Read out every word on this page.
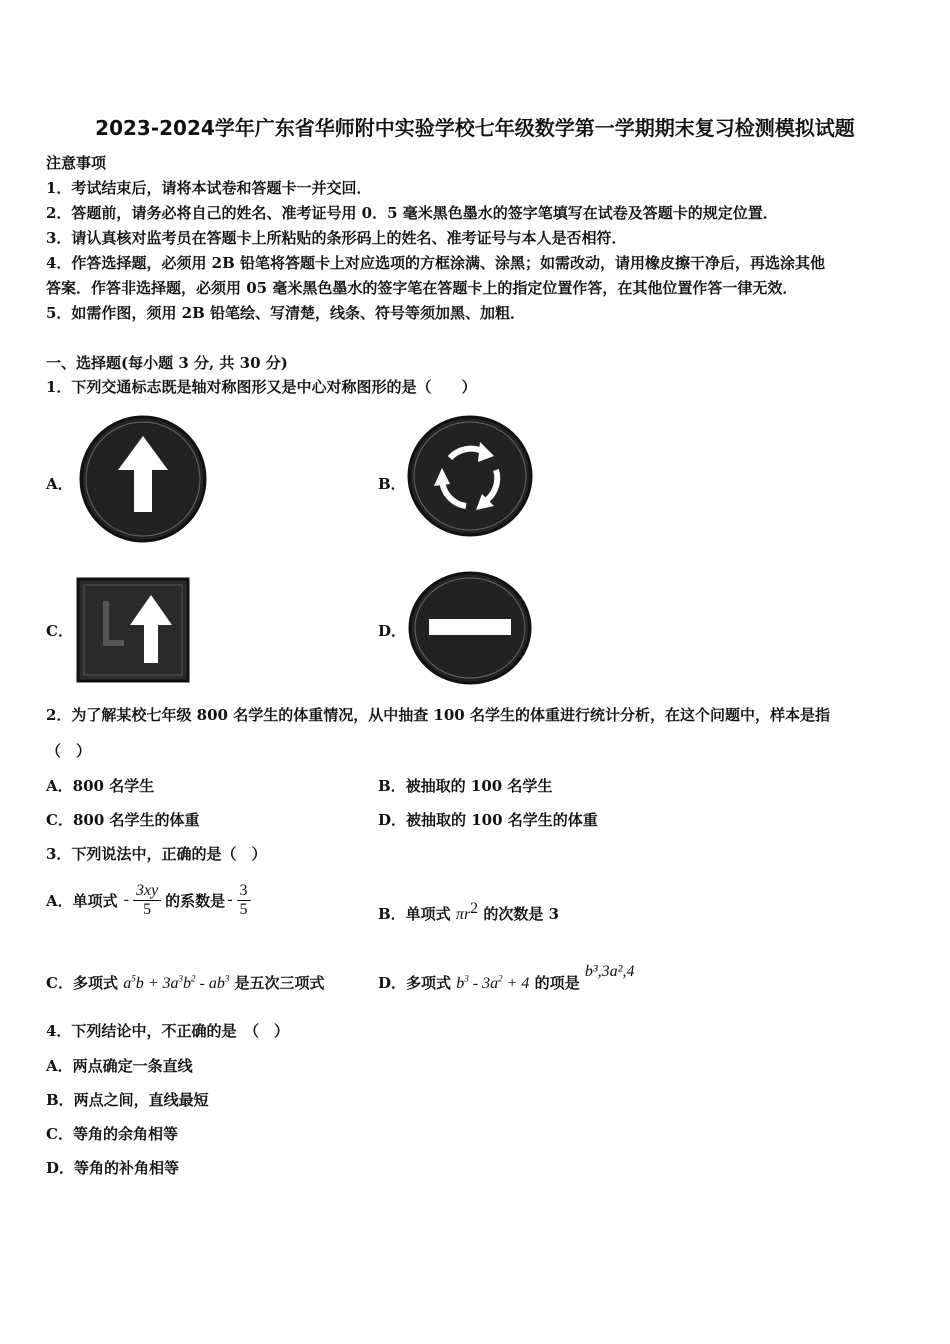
2023-2024学年广东省华师附中实验学校七年级数学第一学期期末复习检测模拟试题
注意事项
1．考试结束后，请将本试卷和答题卡一并交回．
2．答题前，请务必将自己的姓名、准考证号用 0．5 毫米黑色墨水的签字笔填写在试卷及答题卡的规定位置．
3．请认真核对监考员在答题卡上所粘贴的条形码上的姓名、准考证号与本人是否相符．
4．作答选择题，必须用 2B 铅笔将答题卡上对应选项的方框涂满、涂黑；如需改动，请用橡皮擦干净后，再选涂其他
答案．作答非选择题，必须用 05 毫米黑色墨水的签字笔在答题卡上的指定位置作答，在其他位置作答一律无效．
5．如需作图，须用 2B 铅笔绘、写清楚，线条、符号等须加黑、加粗．
一、选择题(每小题 3 分, 共 30 分)
1．下列交通标志既是轴对称图形又是中心对称图形的是（　　）
A．	B．
C．	D．
2．为了解某校七年级 800 名学生的体重情况，从中抽查 100 名学生的体重进行统计分析，在这个问题中，样本是指
（　）
A．800 名学生	B．被抽取的 100 名学生
C．800 名学生的体重	D．被抽取的 100 名学生的体重
3．下列说法中，正确的是（　）
A．单项式 - $\frac{3xy}{5}$ 的系数是 - $\frac{3}{5}$	B．单项式 $\pi r^2$ 的次数是 3
C．多项式 $a^5b + 3a^3b^2 - ab^3$ 是五次三项式	D．多项式 $b^3 - 3a^2 + 4$ 的项是 b³,3a²,4
4．下列结论中，不正确的是　（　）
A．两点确定一条直线
B．两点之间，直线最短
C．等角的余角相等
D．等角的补角相等
